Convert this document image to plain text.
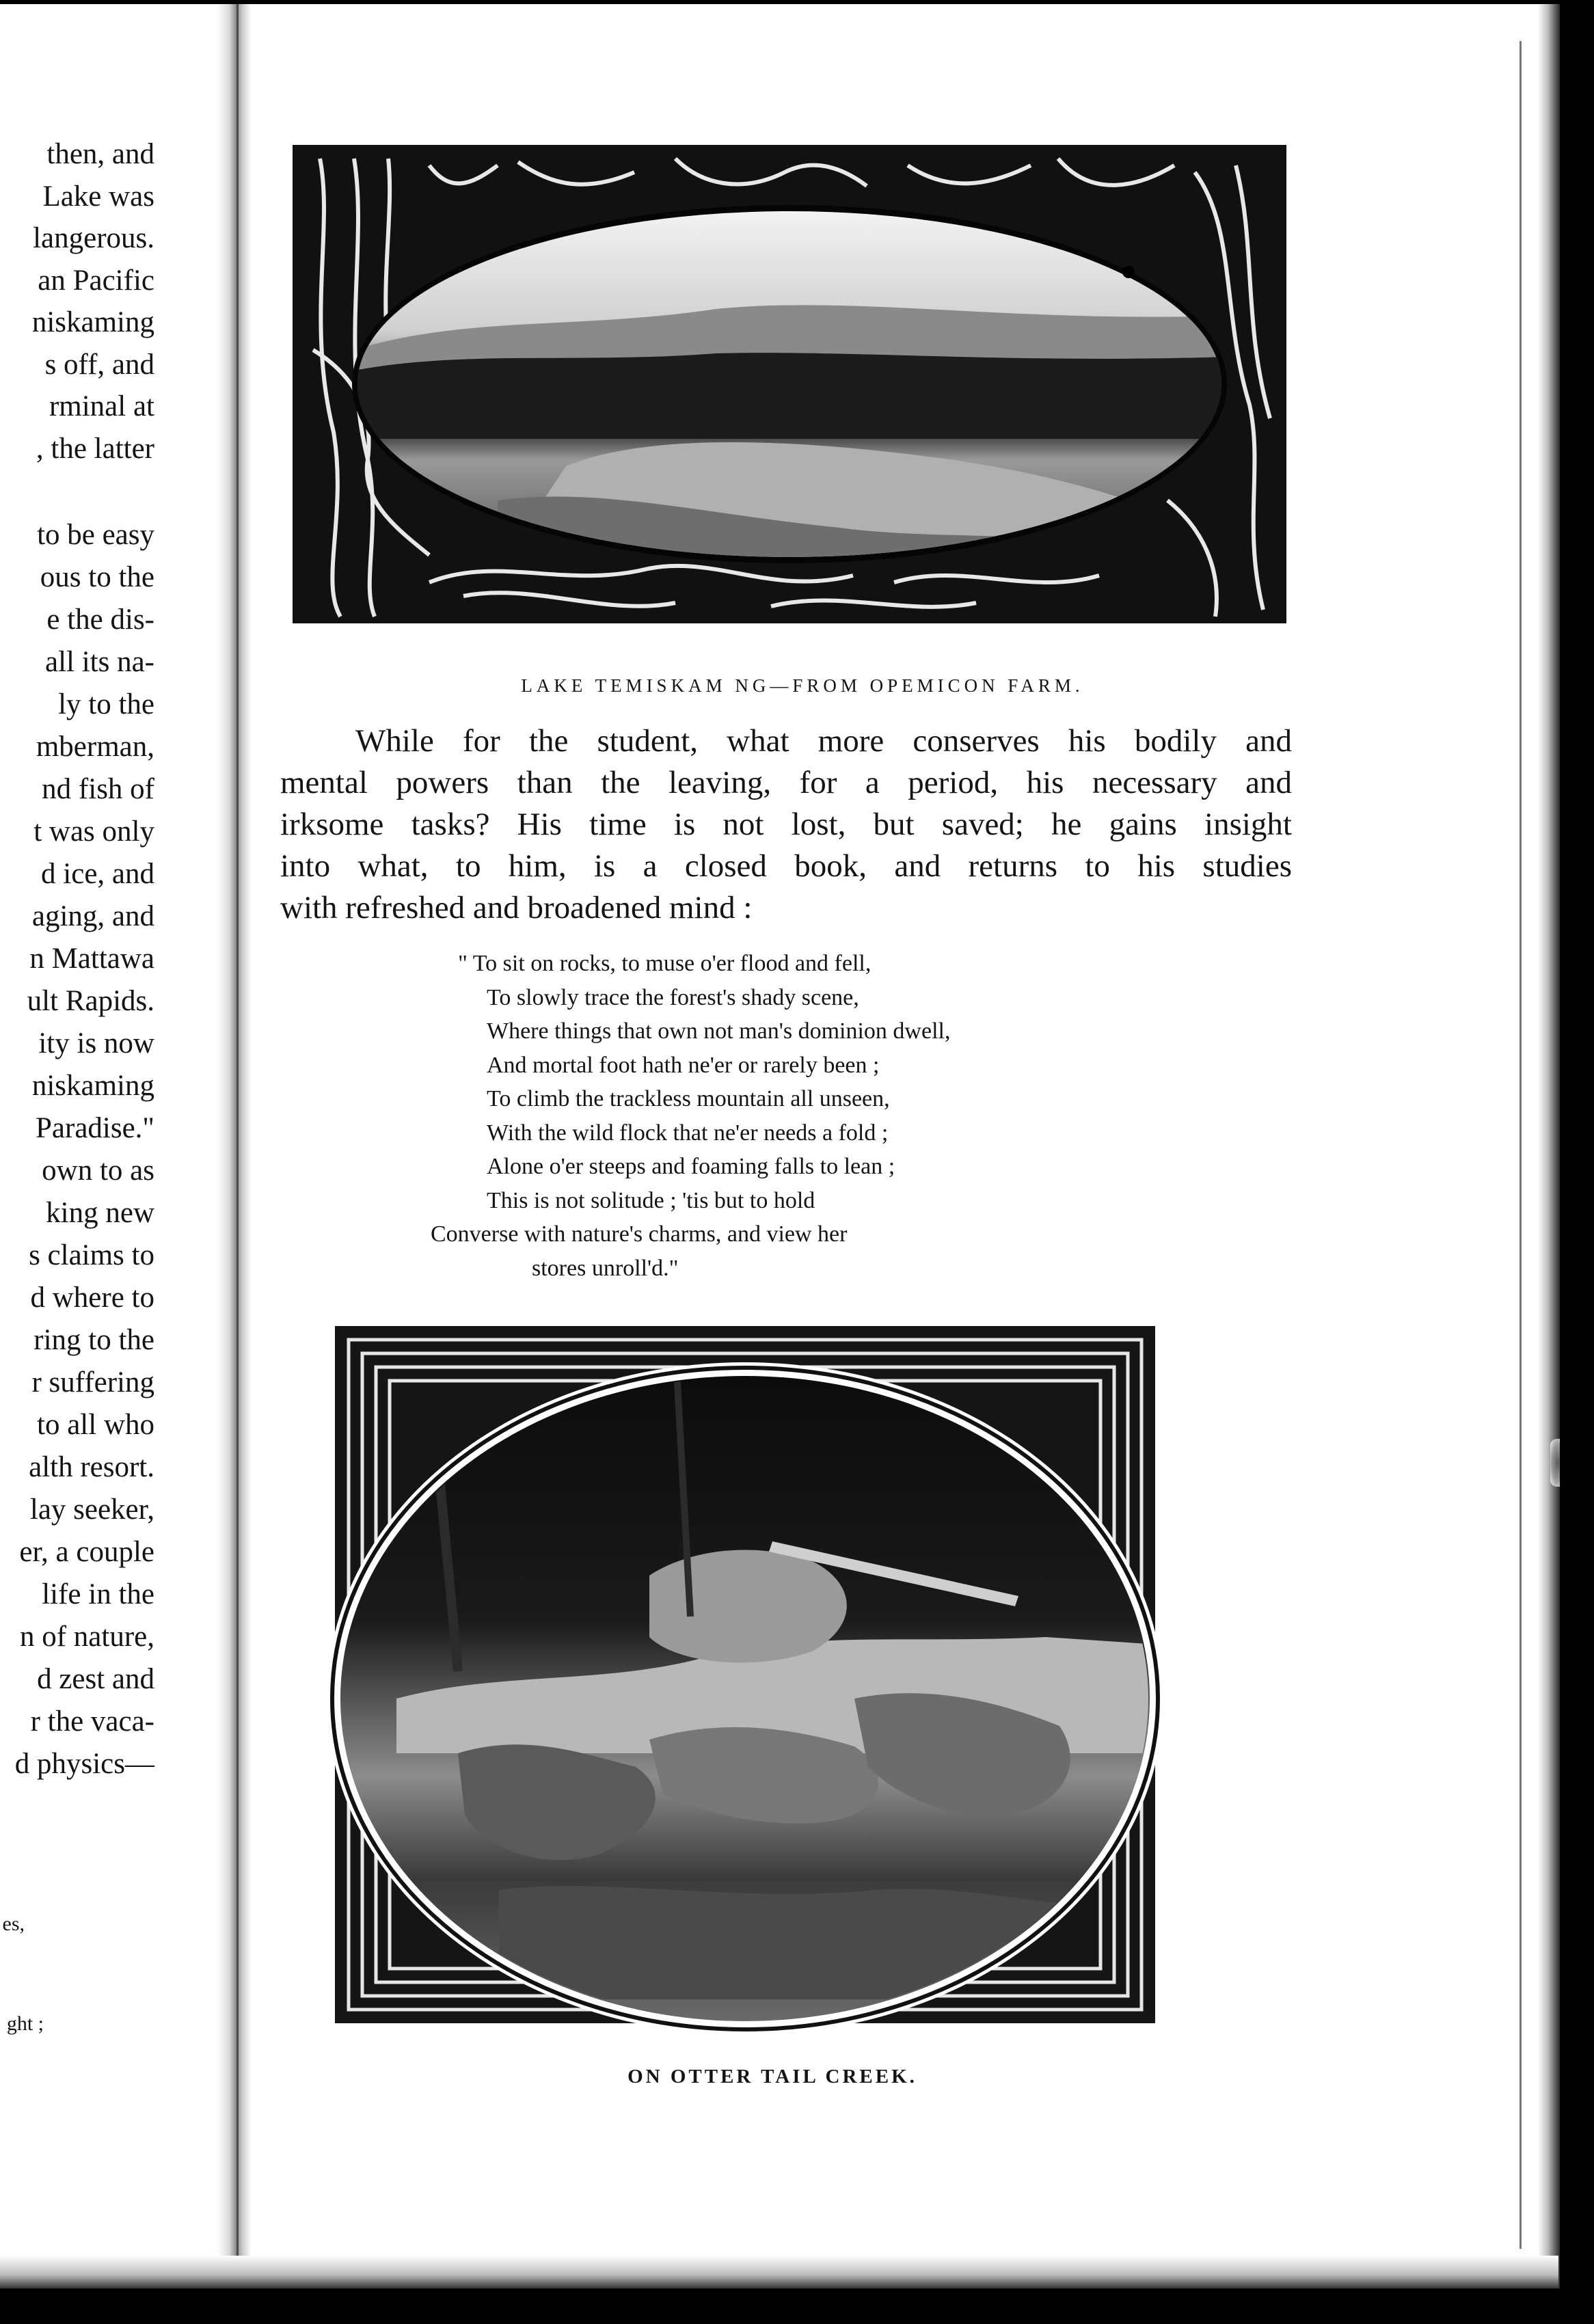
then, and
Lake was
langerous.
an Pacific
niskaming
s off, and
rminal at
, the latter
to be easy
ous to the
e the dis-
all its na-
ly to the
mberman,
nd fish of
t was only
d ice, and
aging, and
n Mattawa
ult Rapids.
ity is now
niskaming
Paradise."
own to as
king new
s claims to
d where to
ring to the
r suffering
to all who
alth resort.
lay seeker,
er, a couple
life in the
n of nature,
d zest and
r the vaca-
d physics—
es,
ght ;
LAKE TEMISKAM NG—FROM OPEMICON FARM.
While for the student, what more conserves his bodily and
mental powers than the leaving, for a period, his necessary and
irksome tasks? His time is not lost, but saved; he gains insight
into what, to him, is a closed book, and returns to his studies
with refreshed and broadened mind :
" To sit on rocks, to muse o'er flood and fell,
To slowly trace the forest's shady scene,
Where things that own not man's dominion dwell,
And mortal foot hath ne'er or rarely been ;
To climb the trackless mountain all unseen,
With the wild flock that ne'er needs a fold ;
Alone o'er steeps and foaming falls to lean ;
This is not solitude ; 'tis but to hold
Converse with nature's charms, and view her
stores unroll'd."
ON OTTER TAIL CREEK.
